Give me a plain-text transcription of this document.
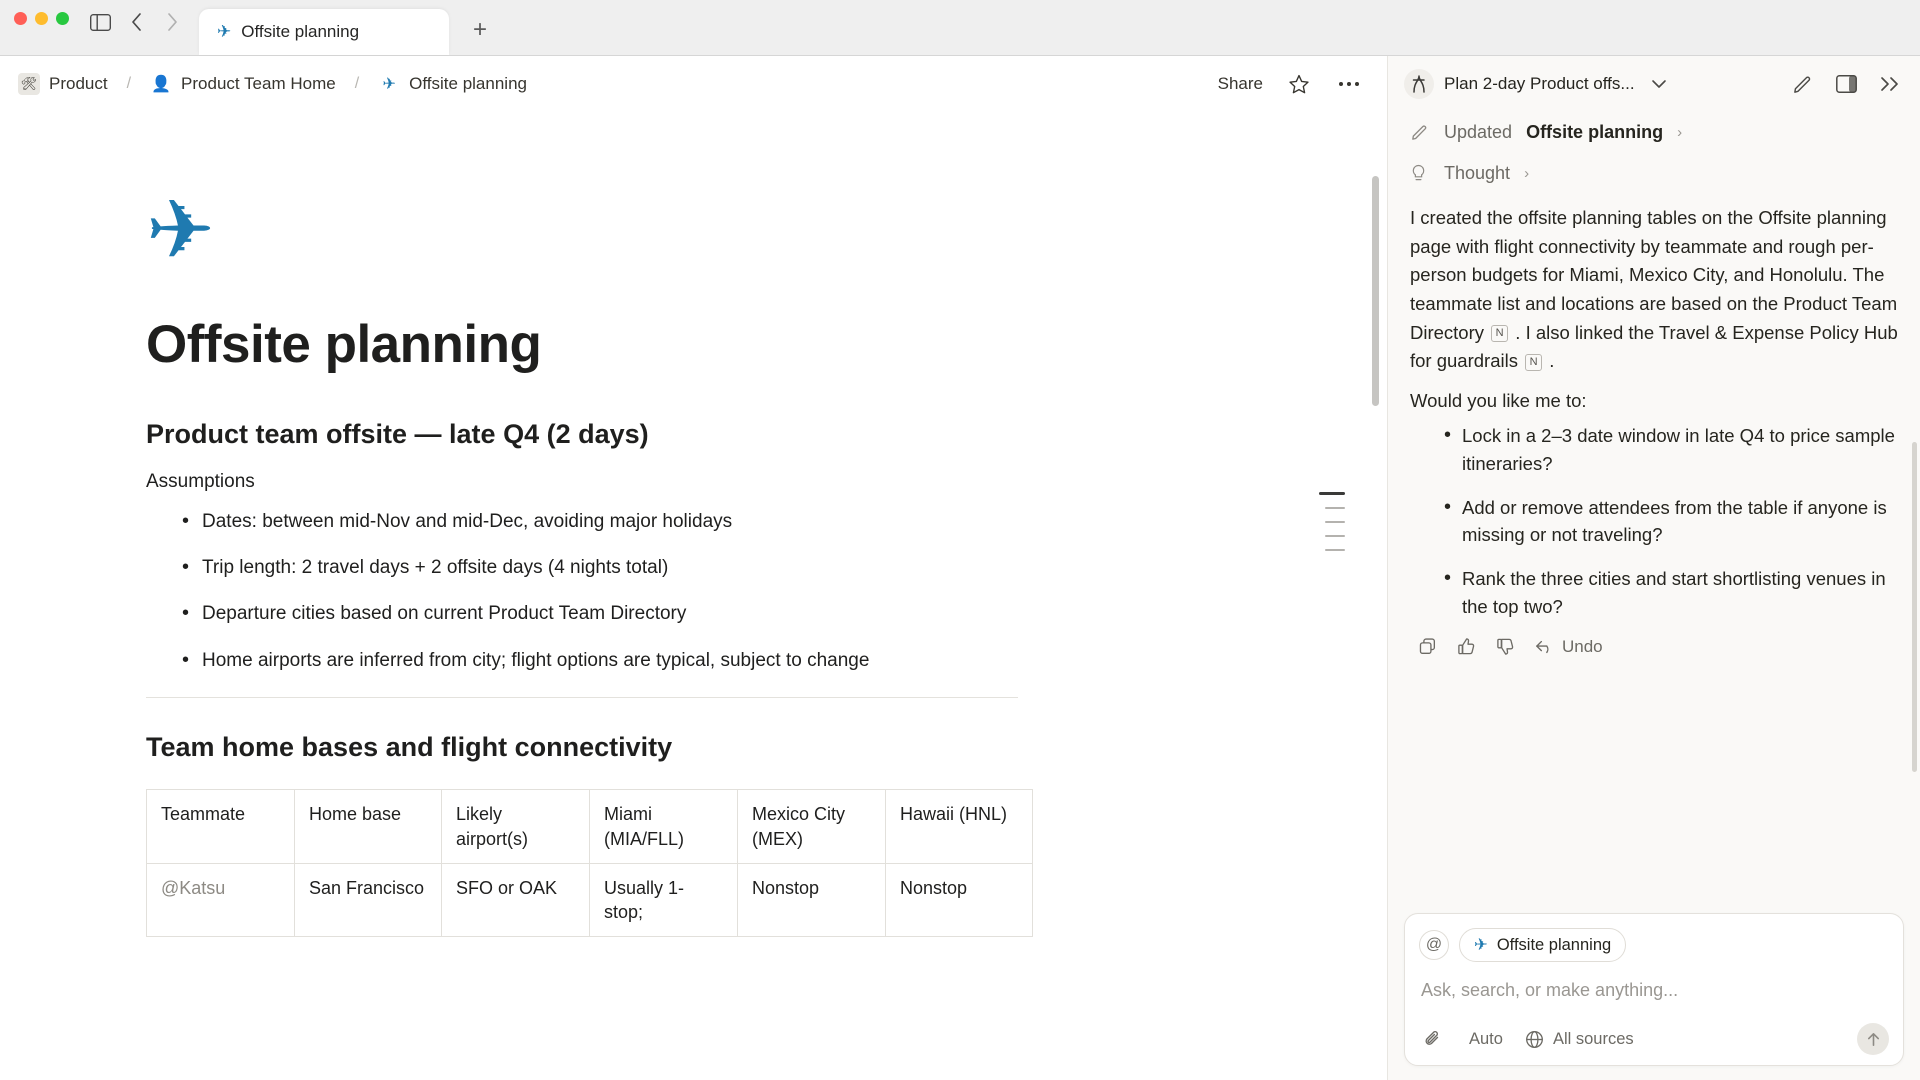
✈ Offsite planning	+
🛠 Product / 👤 Product Team Home / ✈ Offsite planning	Share
✈
Offsite planning
Product team offsite — late Q4 (2 days)

Assumptions

• Dates: between mid-Nov and mid-Dec, avoiding major holidays
• Trip length: 2 travel days + 2 offsite days (4 nights total)
• Departure cities based on current Product Team Directory
• Home airports are inferred from city; flight options are typical, subject to change
Team home bases and flight connectivity
Teammate	Home base	Likely airport(s)	Miami (MIA/FLL)	Mexico City (MEX)	Hawaii (HNL)
@Katsu	San Francisco	SFO or OAK	Usually 1-stop;	Nonstop	Nonstop
Plan 2-day Product offs...
Updated Offsite planning ›
Thought ›

I created the offsite planning tables on the Offsite planning page with flight connectivity by teammate and rough per-person budgets for Miami, Mexico City, and Honolulu. The teammate list and locations are based on the Product Team Directory N . I also linked the Travel & Expense Policy Hub for guardrails N .

Would you like me to:

• Lock in a 2–3 date window in late Q4 to price sample itineraries?
• Add or remove attendees from the table if anyone is missing or not traveling?
• Rank the three cities and start shortlisting venues in the top two?
Undo
@ ✈ Offsite planning
Ask, search, or make anything...
Auto	All sources
